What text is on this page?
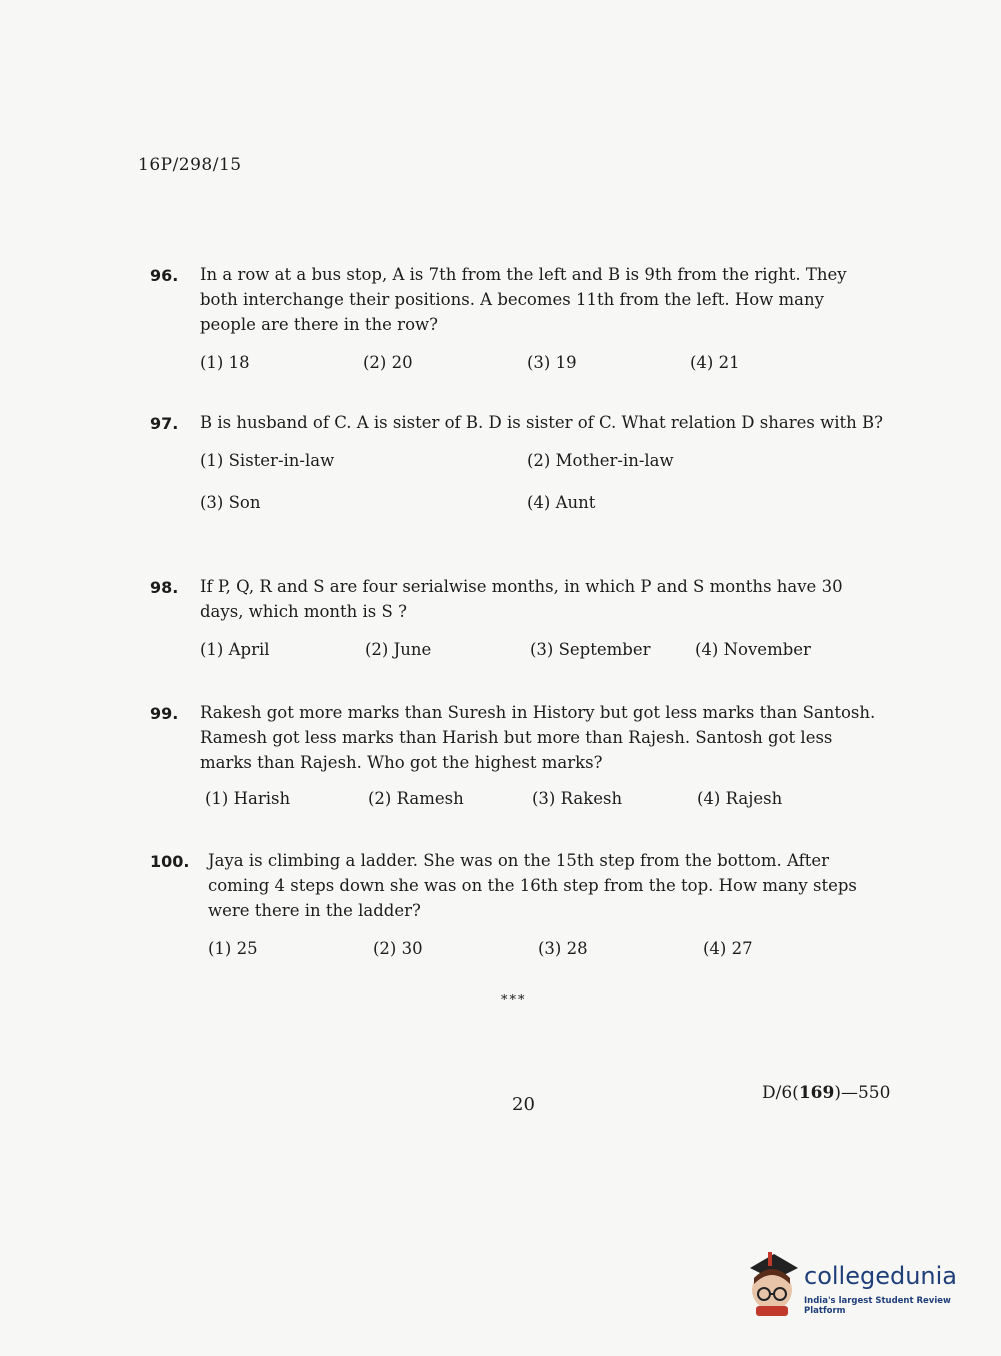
16P/298/15
96. In a row at a bus stop, A is 7th from the left and B is 9th from the right. They both interchange their positions. A becomes 11th from the left. How many people are there in the row?
(1) 18	(2) 20	(3) 19	(4) 21
97. B is husband of C. A is sister of B. D is sister of C. What relation D shares with B?
(1) Sister-in-law	(2) Mother-in-law
(3) Son	(4) Aunt
98. If P, Q, R and S are four serialwise months, in which P and S months have 30 days, which month is S ?
(1) April	(2) June	(3) September	(4) November
99. Rakesh got more marks than Suresh in History but got less marks than Santosh. Ramesh got less marks than Harish but more than Rajesh. Santosh got less marks than Rajesh. Who got the highest marks?
(1) Harish	(2) Ramesh	(3) Rakesh	(4) Rajesh
100. Jaya is climbing a ladder. She was on the 15th step from the bottom. After coming 4 steps down she was on the 16th step from the top. How many steps were there in the ladder?
(1) 25	(2) 30	(3) 28	(4) 27
***
20
D/6(169)—550
collegedunia
India's largest Student Review Platform
